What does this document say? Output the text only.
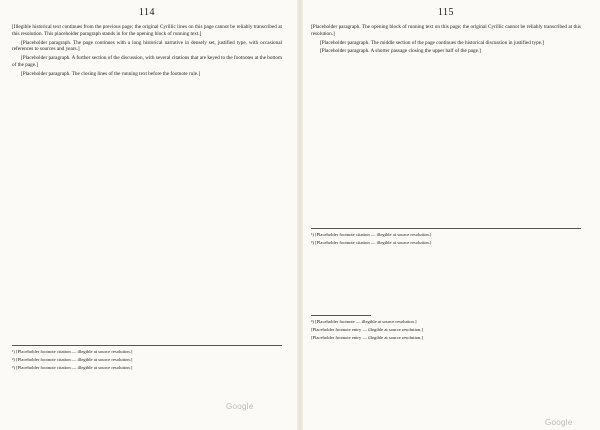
114

[Illegible historical text continues from the previous page; the original Cyrillic lines on this page cannot be reliably transcribed at this resolution. This placeholder paragraph stands in for the opening block of running text.]

[Placeholder paragraph. The page continues with a long historical narrative in densely set, justified type, with occasional references to sources and years.]

[Placeholder paragraph. A further section of the discussion, with several citations that are keyed to the footnotes at the bottom of the page.]

[Placeholder paragraph. The closing lines of the running text before the footnote rule.]

¹) [Placeholder footnote citation — illegible at source resolution.]

²) [Placeholder footnote citation — illegible at source resolution.]

³) [Placeholder footnote citation — illegible at source resolution.]

115

[Placeholder paragraph. The opening block of running text on this page; the original Cyrillic cannot be reliably transcribed at this resolution.]

[Placeholder paragraph. The middle section of the page continues the historical discussion in justified type.]

[Placeholder paragraph. A shorter passage closing the upper half of the page.]

¹) [Placeholder footnote citation — illegible at source resolution.]

²) [Placeholder footnote citation — illegible at source resolution.]

³) [Placeholder footnote — illegible at source resolution.]

[Placeholder footnote entry — illegible at source resolution.]

[Placeholder footnote entry — illegible at source resolution.]

Google
Google
